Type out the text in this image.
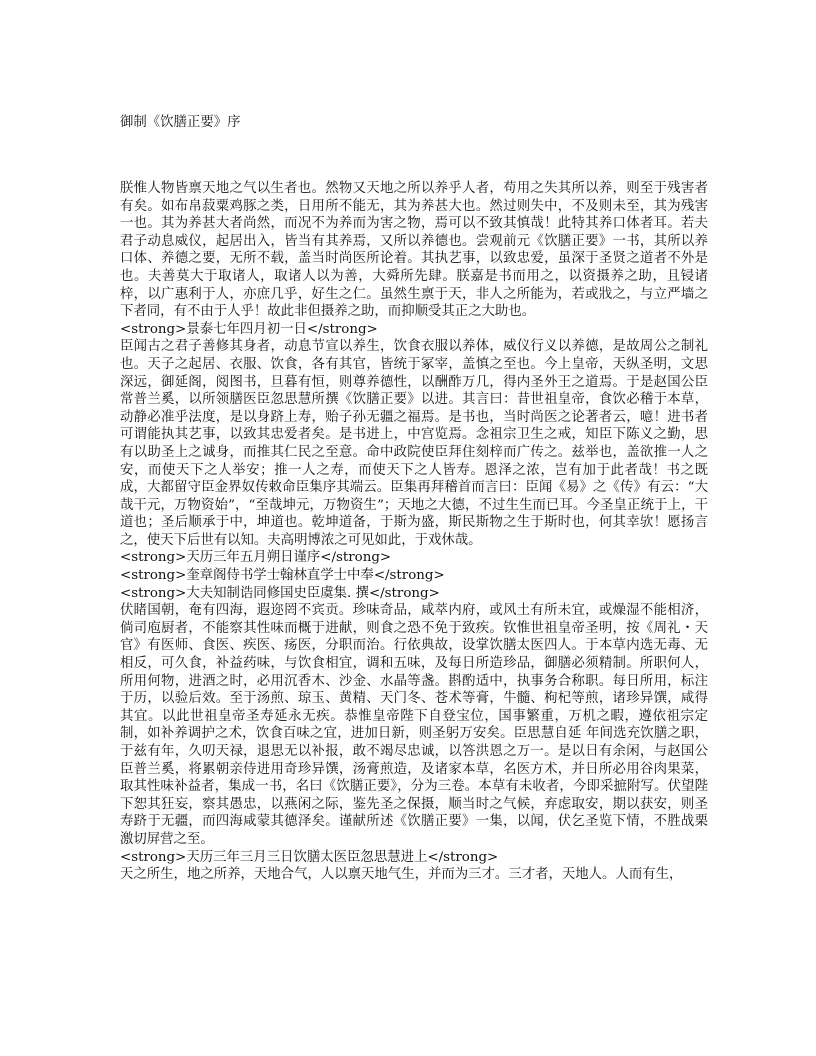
御制《饮膳正要》序

朕惟人物皆禀天地之气以生者也。然物又天地之所以养乎人者，苟用之失其所以养，则至于残害者有矣。如布帛菽粟鸡豚之类，日用所不能无，其为养甚大也。然过则失中，不及则未至，其为残害一也。其为养甚大者尚然，而况不为养而为害之物，焉可以不致其慎哉！此特其养口体者耳。若夫君子动息威仪，起居出入，皆当有其养焉，又所以养德也。尝观前元《饮膳正要》一书，其所以养口体、养德之要，无所不载，盖当时尚医所论着。其执艺事，以致忠爱，虽深于圣贤之道者不外是也。夫善莫大于取诸人，取诸人以为善，大舜所先肆。朕嘉是书而用之，以资摄养之助，且锓诸梓，以广惠利于人，亦庶几乎，好生之仁。虽然生禀于天，非人之所能为，若或戕之，与立严墙之下者同，有不由于人乎！故此非但摄养之助，而抑顺受其正之大助也。

<strong>景泰七年四月初一日</strong>

臣闻古之君子善修其身者，动息节宣以养生，饮食衣服以养体，威仪行义以养德，是故周公之制礼也。天子之起居、衣服、饮食，各有其官，皆统于冢宰，盖慎之至也。今上皇帝，天纵圣明，文思深远，御延阁，阅图书，旦暮有恒，则尊养德性，以酬酢万几，得内圣外王之道焉。于是赵国公臣常普兰奚，以所领膳医臣忽思慧所撰《饮膳正要》以进。其言曰：昔世祖皇帝，食饮必稽于本草，动静必准乎法度，是以身跻上寿，贻子孙无疆之福焉。是书也，当时尚医之论著者云，噫！进书者可谓能执其艺事，以致其忠爱者矣。是书进上，中宫览焉。念祖宗卫生之戒，知臣下陈义之勤，思有以助圣上之诚身，而推其仁民之至意。命中政院使臣拜住刻梓而广传之。兹举也，盖欲推一人之安，而使天下之人举安；推一人之寿，而使天下之人皆寿。恩泽之浓，岂有加于此者哉！书之既成，大都留守臣金界奴传敕命臣集序其端云。臣集再拜稽首而言曰：臣闻《易》之《传》有云：“大哉干元，万物资始”，“至哉坤元，万物资生”；天地之大德，不过生生而已耳。今圣皇正统于上，干道也；圣后顺承于中，坤道也。乾坤道备，于斯为盛，斯民斯物之生于斯时也，何其幸欤！愿扬言之，使天下后世有以知。夫高明博浓之可见如此，于戏休哉。

<strong>天历三年五月朔日谨序</strong>

<strong>奎章阁侍书学士翰林直学士中奉</strong>

<strong>大夫知制诰同修国史臣虞集. 撰</strong>

伏睹国朝，奄有四海，遐迩罔不宾贡。珍味奇品，咸萃内府，或风土有所未宜，或燥湿不能相济，倘司庖厨者，不能察其性味而概于进献，则食之恐不免于致疾。钦惟世祖皇帝圣明，按《周礼・天官》有医师、食医、疾医、疡医，分职而治。行依典故，设掌饮膳太医四人。于本草内选无毒、无相反，可久食，补益药味，与饮食相宜，调和五味，及每日所造珍品，御膳必须精制。所职何人，所用何物，进酒之时，必用沉香木、沙金、水晶等盏。斟酌适中，执事务合称职。每日所用，标注于历，以验后效。至于汤煎、琼玉、黄精、天门冬、苍术等膏，牛髓、枸杞等煎，诸珍异馔，咸得其宜。以此世祖皇帝圣寿延永无疾。恭惟皇帝陛下自登宝位，国事繁重，万机之暇，遵依祖宗定制，如补养调护之术，饮食百味之宜，进加日新，则圣躬万安矣。臣思慧自延 年间选充饮膳之职，于兹有年，久叨天禄，退思无以补报，敢不竭尽忠诚，以答洪恩之万一。是以日有余闲，与赵国公臣普兰奚，将累朝亲侍进用奇珍异馔，汤膏煎造，及诸家本草，名医方术，并日所必用谷肉果菜，取其性味补益者，集成一书，名曰《饮膳正要》，分为三卷。本草有未收者，今即采摭附写。伏望陛下恕其狂妄，察其愚忠，以燕闲之际，鉴先圣之保摄，顺当时之气候，弃虑取安，期以获安，则圣寿跻于无疆，而四海咸蒙其德泽矣。谨献所述《饮膳正要》一集，以闻，伏乞圣览下情，不胜战栗激切屏营之至。

<strong>天历三年三月三日饮膳太医臣忽思慧进上</strong>

天之所生，地之所养，天地合气，人以禀天地气生，并而为三才。三才者，天地人。人而有生，
